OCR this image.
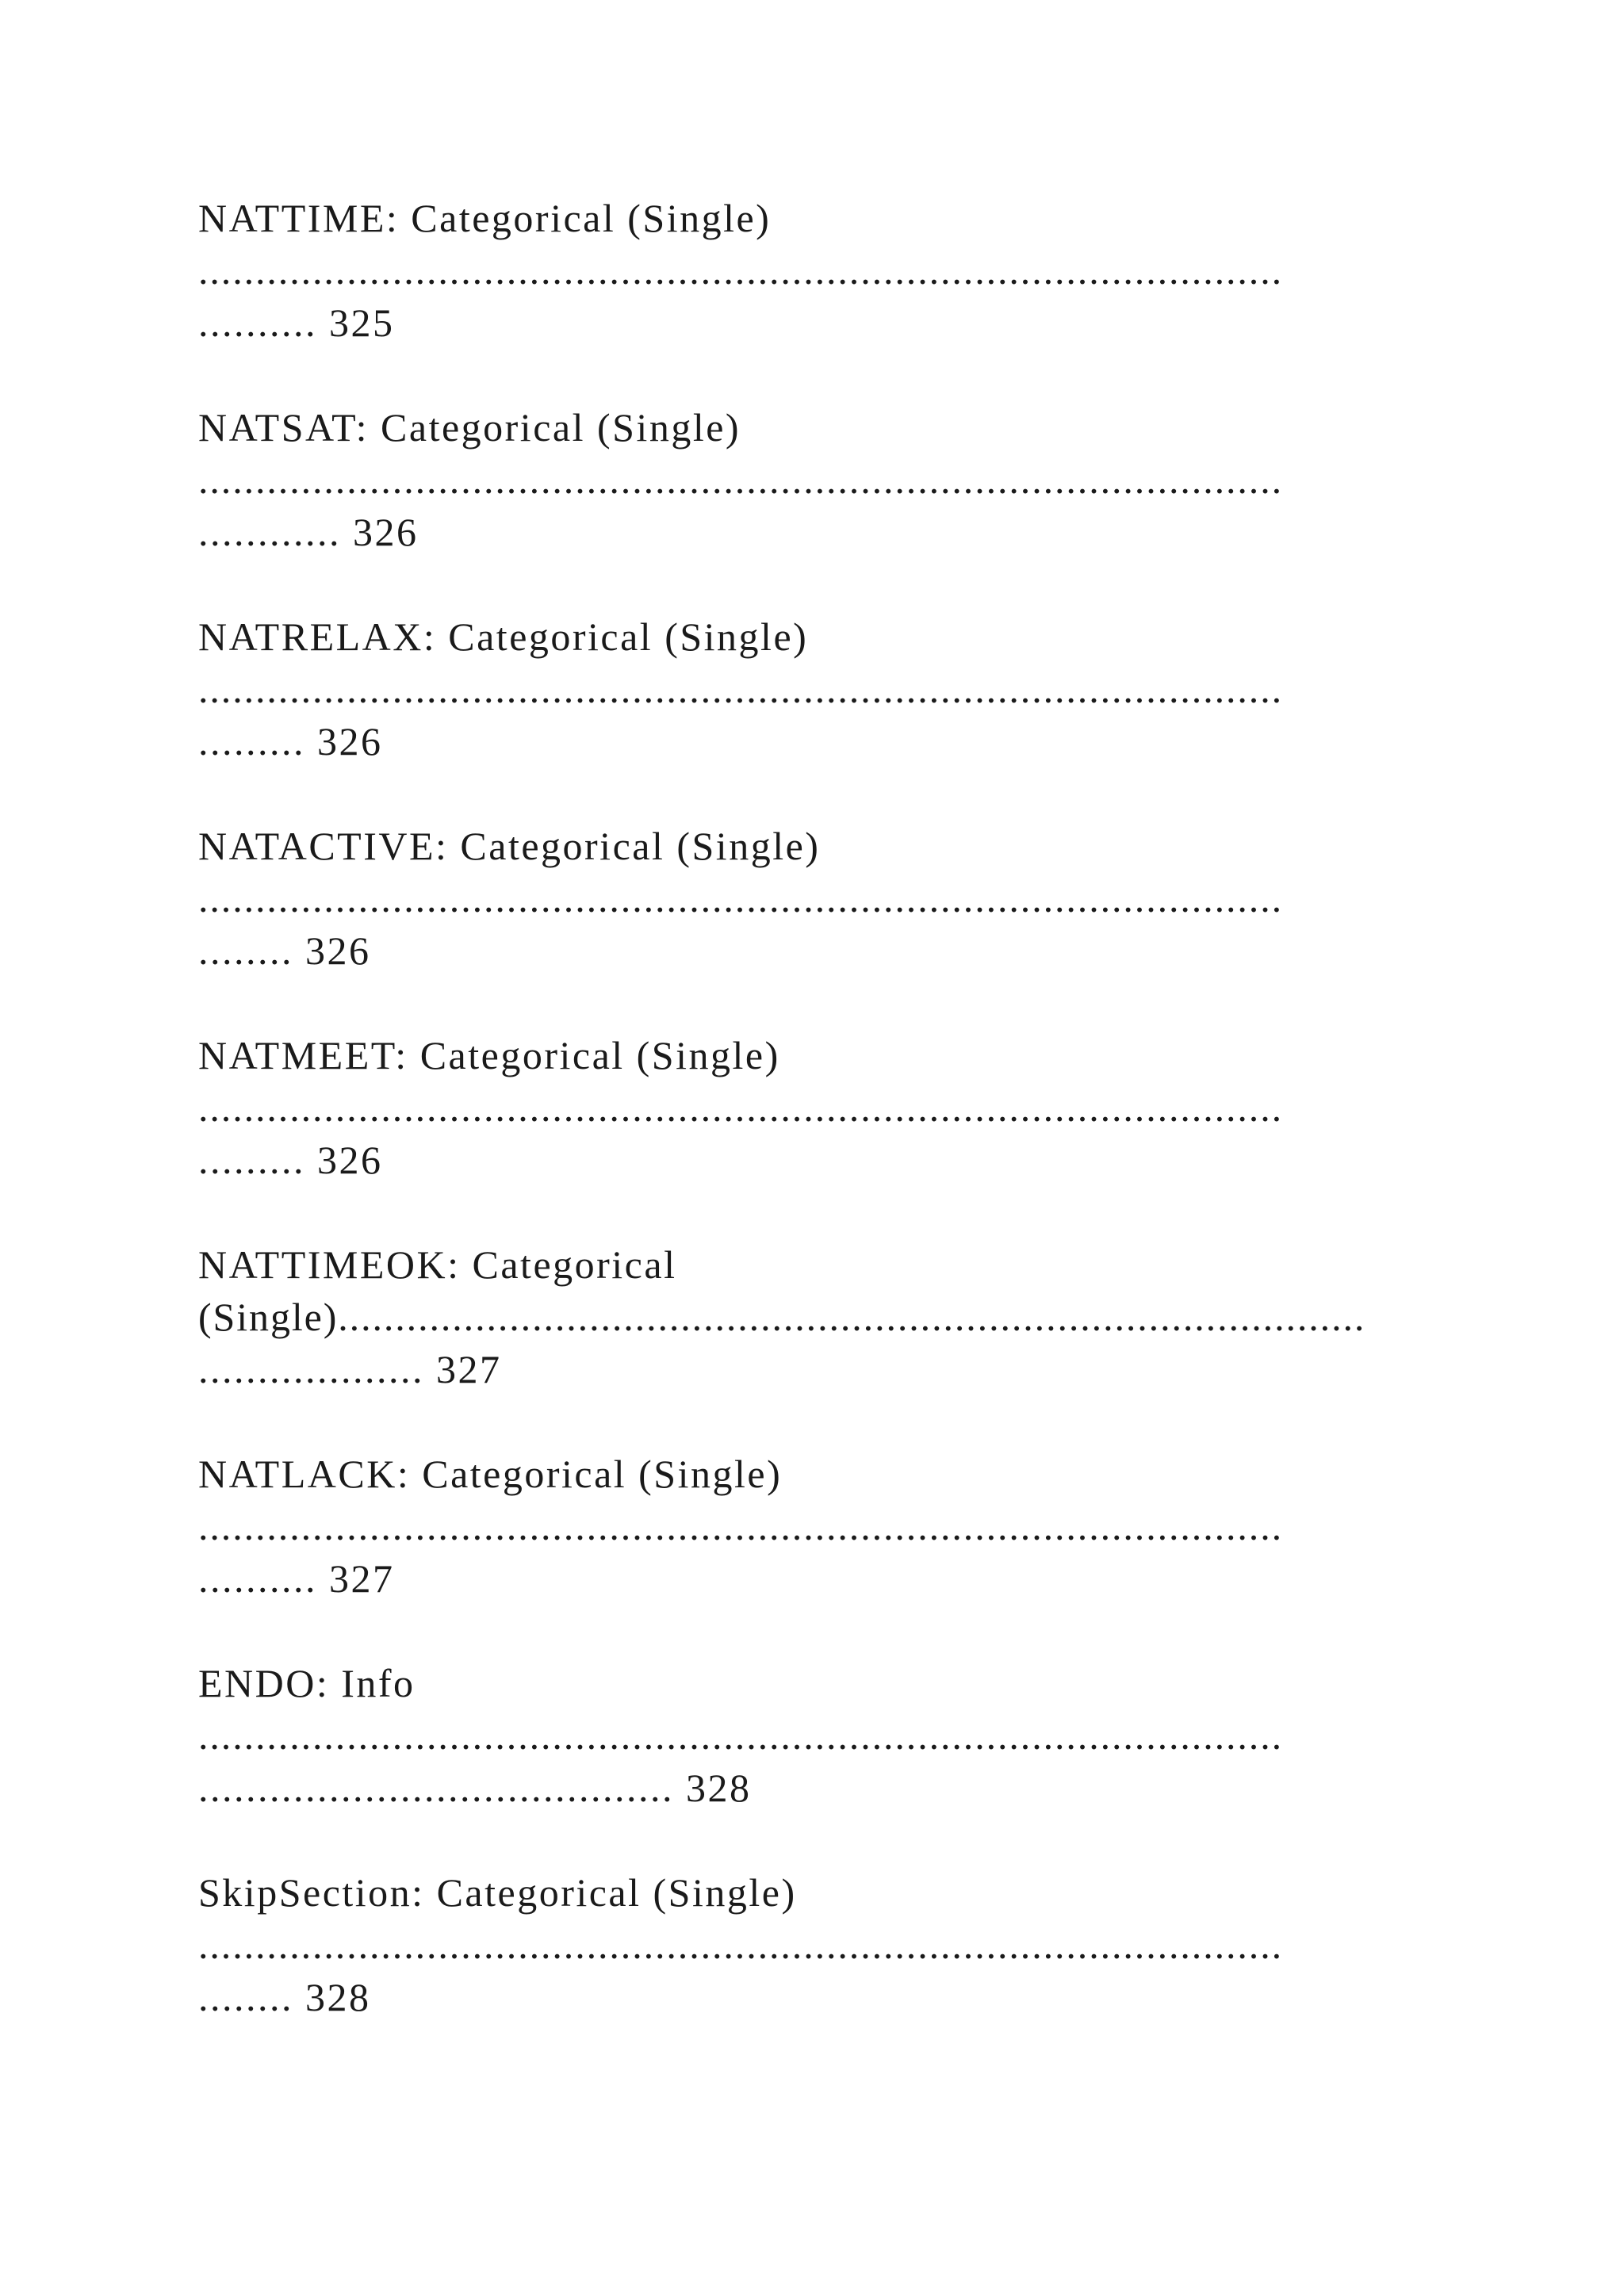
NATTIME: Categorical (Single)
...............................................................................................
.......... 325
NATSAT: Categorical (Single)
...............................................................................................
............ 326
NATRELAX: Categorical (Single)
...............................................................................................
......... 326
NATACTIVE: Categorical (Single)
...............................................................................................
........ 326
NATMEET: Categorical (Single)
...............................................................................................
......... 326
NATTIMEOK: Categorical
(Single)..........................................................................................
................... 327
NATLACK: Categorical (Single)
...............................................................................................
.......... 327
ENDO: Info
...............................................................................................
........................................ 328
SkipSection: Categorical (Single)
...............................................................................................
........ 328
